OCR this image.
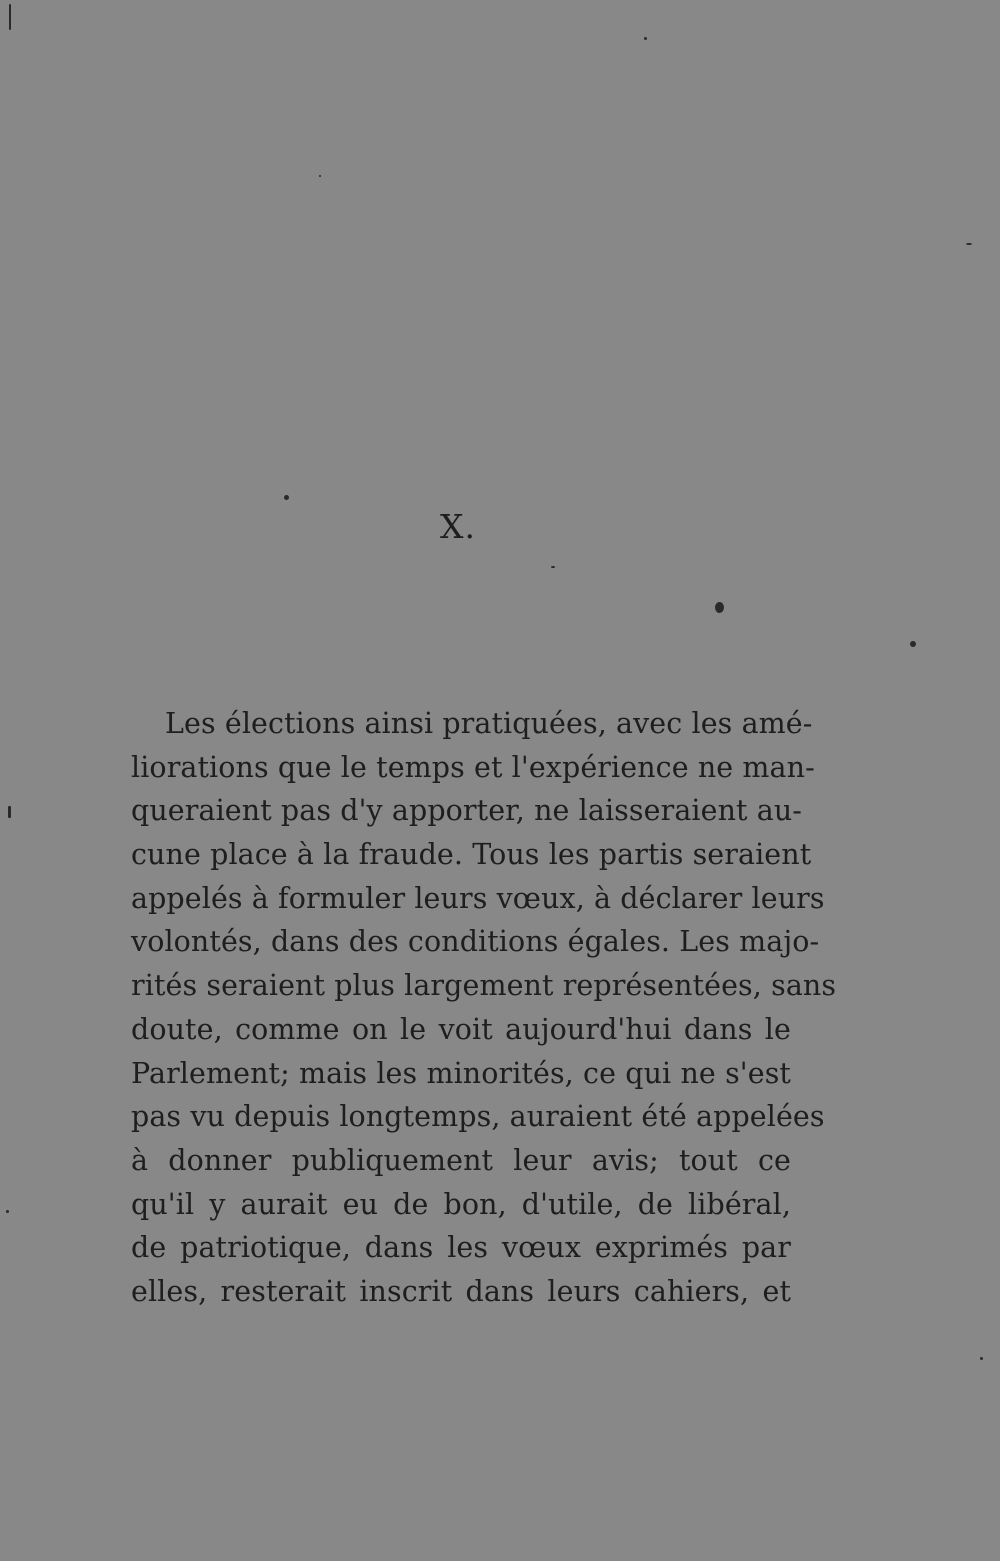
X.
Les élections ainsi pratiquées, avec les amé-
liorations que le temps et l'expérience ne man-
queraient pas d'y apporter, ne laisseraient au-
cune place à la fraude. Tous les partis seraient
appelés à formuler leurs vœux, à déclarer leurs
volontés, dans des conditions égales. Les majo-
rités seraient plus largement représentées, sans
doute, comme on le voit aujourd'hui dans le
Parlement; mais les minorités, ce qui ne s'est
pas vu depuis longtemps, auraient été appelées
à donner publiquement leur avis; tout ce
qu'il y aurait eu de bon, d'utile, de libéral,
de patriotique, dans les vœux exprimés par
elles, resterait inscrit dans leurs cahiers, et
